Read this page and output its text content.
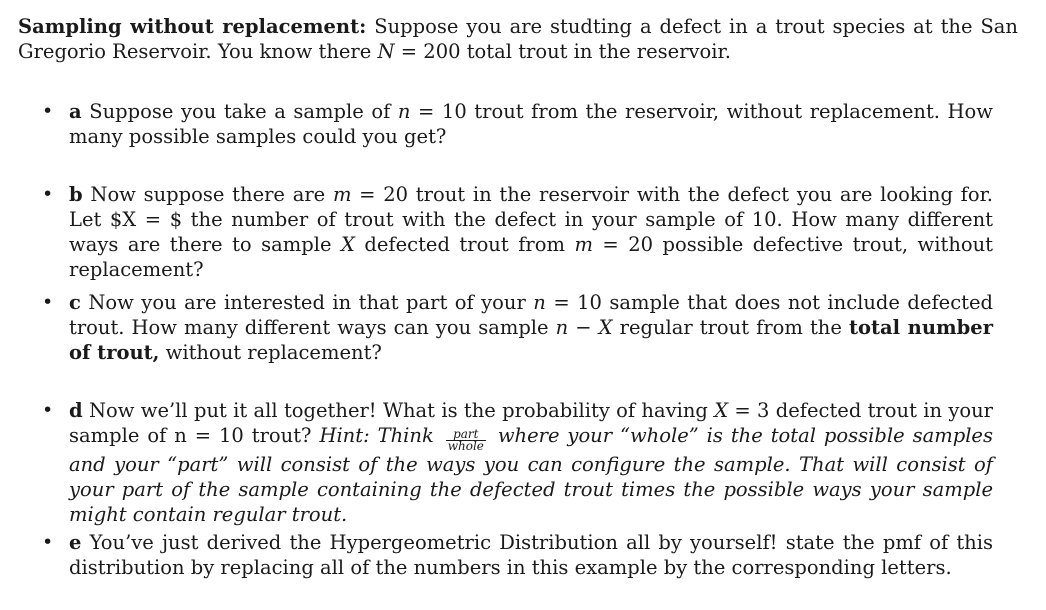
Sampling without replacement: Suppose you are studting a defect in a trout species at the San Gregorio Reservoir. You know there N = 200 total trout in the reservoir.

• a Suppose you take a sample of n = 10 trout from the reservoir, without replacement. How many possible samples could you get?
• b Now suppose there are m = 20 trout in the reservoir with the defect you are looking for. Let $X = $ the number of trout with the defect in your sample of 10. How many different ways are there to sample X defected trout from m = 20 possible defective trout, without replacement?
• c Now you are interested in that part of your n = 10 sample that does not include defected trout. How many different ways can you sample n − X regular trout from the total number of trout, without replacement?
• d Now we’ll put it all together! What is the probability of having X = 3 defected trout in your sample of n = 10 trout? Hint: Think $\frac{\text{part}}{\text{whole}}$ where your “whole” is the total possible samples and your “part” will consist of the ways you can configure the sample. That will consist of your part of the sample containing the defected trout times the possible ways your sample might contain regular trout.
• e You’ve just derived the Hypergeometric Distribution all by yourself! state the pmf of this distribution by replacing all of the numbers in this example by the corresponding letters.
